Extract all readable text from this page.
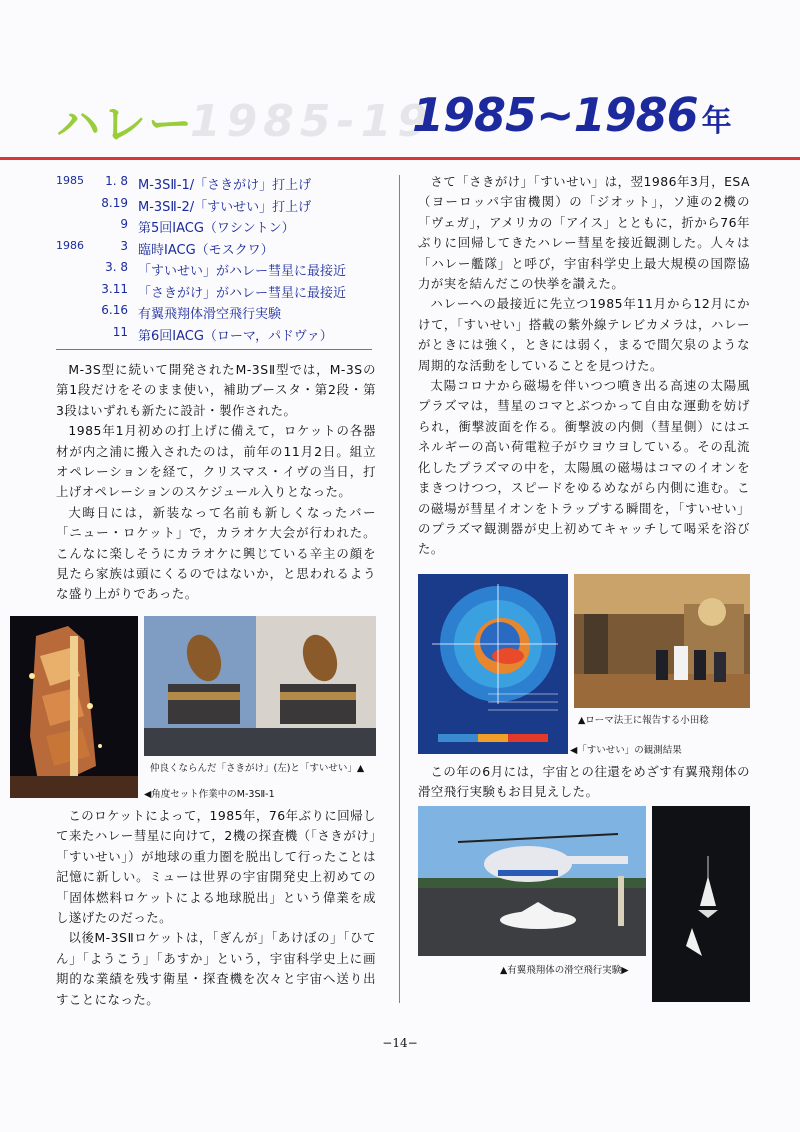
1985-19
ハレー	1985~1986 年
1985	1. 8 M-3SⅡ-1/「さきがけ」打上げ
8.19 M-3SⅡ-2/「すいせい」打上げ
9 第5回IACG（ワシントン）
1986	3 臨時IACG（モスクワ）
3. 8 「すいせい」がハレー彗星に最接近
3.11 「さきがけ」がハレー彗星に最接近
6.16 有翼飛翔体滑空飛行実験
11 第6回IACG（ローマ，パドヴァ）

M-3S型に続いて開発されたM-3SⅡ型では，M-3Sの第1段だけをそのまま使い，補助ブースタ・第2段・第3段はいずれも新たに設計・製作された。

1985年1月初めの打上げに備えて，ロケットの各器材が内之浦に搬入されたのは，前年の11月2日。組立オペレーションを経て，クリスマス・イヴの当日，打上げオペレーションのスケジュール入りとなった。

大晦日には，新装なって名前も新しくなったバー「ニュー・ロケット」で，カラオケ大会が行われた。こんなに楽しそうにカラオケに興じている辛主の顔を見たら家族は頭にくるのではないか，と思われるような盛り上がりであった。

仲良くならんだ「さきがけ」(左)と「すいせい」▲
◀角度セット作業中のM-3SⅡ-1

このロケットによって，1985年，76年ぶりに回帰して来たハレー彗星に向けて，2機の探査機（「さきがけ」「すいせい」）が地球の重力圏を脱出して行ったことは記憶に新しい。ミューは世界の宇宙開発史上初めての「固体燃料ロケットによる地球脱出」という偉業を成し遂げたのだった。

以後M-3SⅡロケットは，「ぎんが」「あけぼの」「ひてん」「ようこう」「あすか」という，宇宙科学史上に画期的な業績を残す衛星・探査機を次々と宇宙へ送り出すことになった。

さて「さきがけ」「すいせい」は，翌1986年3月，ESA（ヨーロッパ宇宙機関）の「ジオット」，ソ連の2機の「ヴェガ」，アメリカの「アイス」とともに，折から76年ぶりに回帰してきたハレー彗星を接近観測した。人々は「ハレー艦隊」と呼び，宇宙科学史上最大規模の国際協力が実を結んだこの快挙を讃えた。

ハレーへの最接近に先立つ1985年11月から12月にかけて，「すいせい」搭載の紫外線テレビカメラは，ハレーがときには強く，ときには弱く，まるで間欠泉のような周期的な活動をしていることを見つけた。

太陽コロナから磁場を伴いつつ噴き出る高速の太陽風プラズマは，彗星のコマとぶつかって自由な運動を妨げられ，衝撃波面を作る。衝撃波の内側（彗星側）にはエネルギーの高い荷電粒子がウヨウヨしている。その乱流化したプラズマの中を，太陽風の磁場はコマのイオンをまきつけつつ，スピードをゆるめながら内側に進む。この磁場が彗星イオンをトラップする瞬間を，「すいせい」のプラズマ観測器が史上初めてキャッチして喝采を浴びた。

▲ローマ法王に報告する小田稔
◀「すいせい」の観測結果

この年の6月には，宇宙との往還をめざす有翼飛翔体の滑空飛行実験もお目見えした。

▲有翼飛翔体の滑空飛行実験▶
−14−
